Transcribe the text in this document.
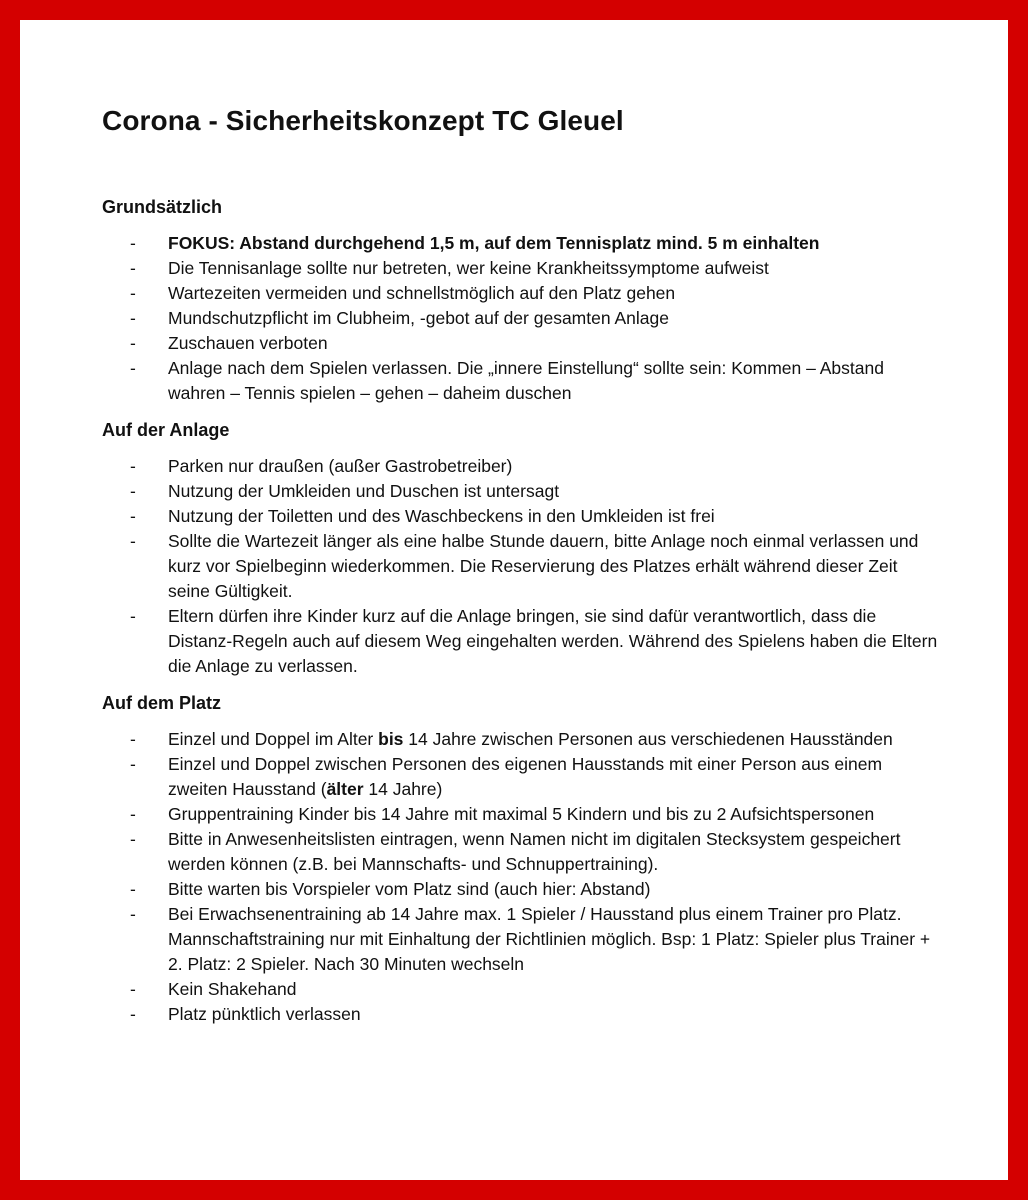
Corona - Sicherheitskonzept TC Gleuel
Grundsätzlich
- FOKUS: Abstand durchgehend 1,5 m, auf dem Tennisplatz mind. 5 m einhalten
- Die Tennisanlage sollte nur betreten, wer keine Krankheitssymptome aufweist
- Wartezeiten vermeiden und schnellstmöglich auf den Platz gehen
- Mundschutzpflicht im Clubheim, -gebot auf der gesamten Anlage
- Zuschauen verboten
- Anlage nach dem Spielen verlassen. Die „innere Einstellung“ sollte sein: Kommen – Abstand wahren – Tennis spielen – gehen – daheim duschen
Auf der Anlage
- Parken nur draußen (außer Gastrobetreiber)
- Nutzung der Umkleiden und Duschen ist untersagt
- Nutzung der Toiletten und des Waschbeckens in den Umkleiden ist frei
- Sollte die Wartezeit länger als eine halbe Stunde dauern, bitte Anlage noch einmal verlassen und kurz vor Spielbeginn wiederkommen. Die Reservierung des Platzes erhält während dieser Zeit seine Gültigkeit.
- Eltern dürfen ihre Kinder kurz auf die Anlage bringen, sie sind dafür verantwortlich, dass die Distanz-Regeln auch auf diesem Weg eingehalten werden. Während des Spielens haben die Eltern die Anlage zu verlassen.
Auf dem Platz
- Einzel und Doppel im Alter bis 14 Jahre zwischen Personen aus verschiedenen Hausständen
- Einzel und Doppel zwischen Personen des eigenen Hausstands mit einer Person aus einem zweiten Hausstand (älter 14 Jahre)
- Gruppentraining Kinder bis 14 Jahre mit maximal 5 Kindern und bis zu 2 Aufsichtspersonen
- Bitte in Anwesenheitslisten eintragen, wenn Namen nicht im digitalen Stecksystem gespeichert werden können (z.B. bei Mannschafts- und Schnuppertraining).
- Bitte warten bis Vorspieler vom Platz sind (auch hier: Abstand)
- Bei Erwachsenentraining ab 14 Jahre max. 1 Spieler / Hausstand plus einem Trainer pro Platz. Mannschaftstraining nur mit Einhaltung der Richtlinien möglich. Bsp: 1 Platz: Spieler plus Trainer + 2. Platz: 2 Spieler. Nach 30 Minuten wechseln
- Kein Shakehand
- Platz pünktlich verlassen
